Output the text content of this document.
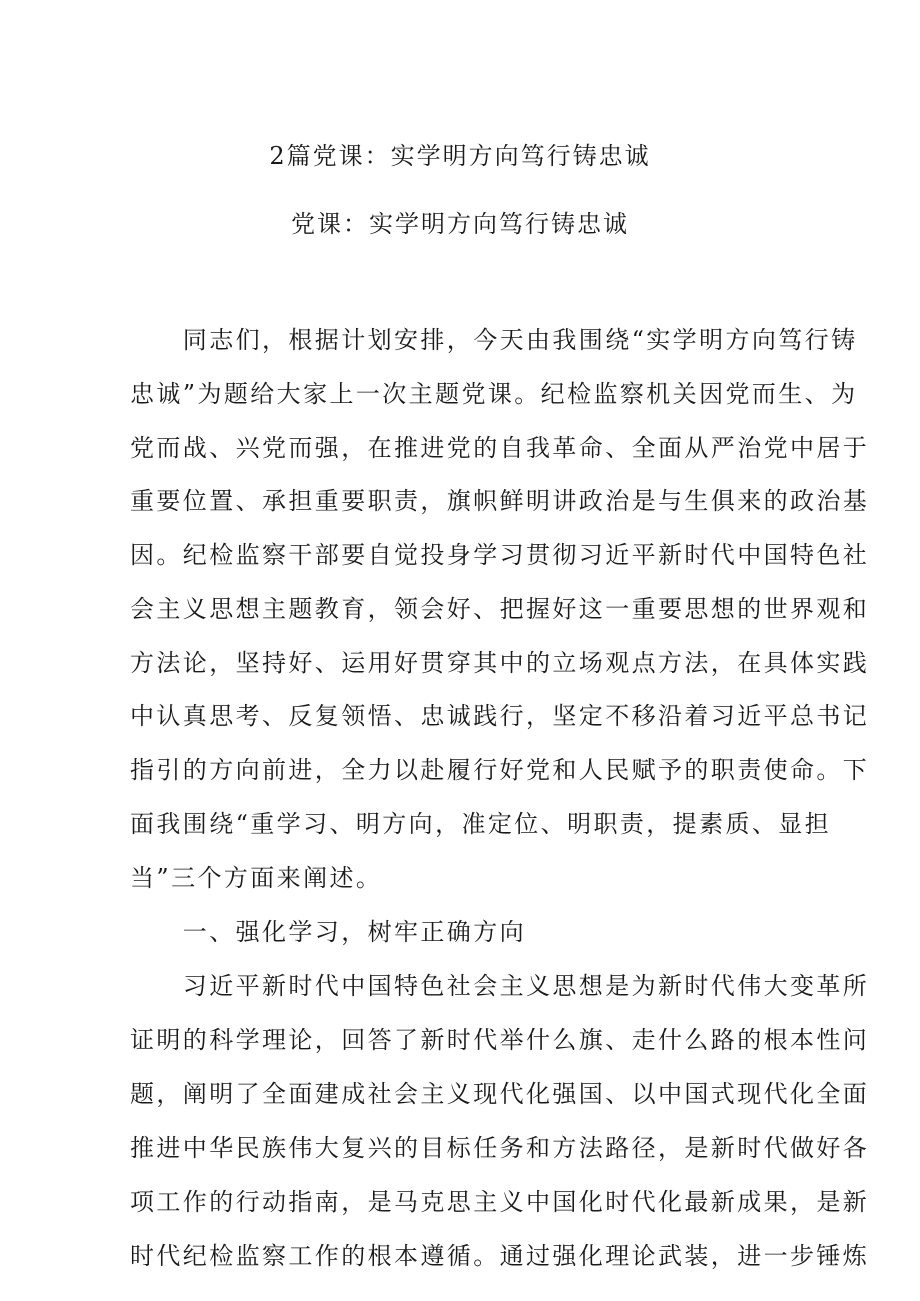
2篇党课：实学明方向笃行铸忠诚
党课：实学明方向笃行铸忠诚
　　同志们，根据计划安排，今天由我围绕“实学明方向笃行铸
忠诚”为题给大家上一次主题党课。纪检监察机关因党而生、为
党而战、兴党而强，在推进党的自我革命、全面从严治党中居于
重要位置、承担重要职责，旗帜鲜明讲政治是与生俱来的政治基
因。纪检监察干部要自觉投身学习贯彻习近平新时代中国特色社
会主义思想主题教育，领会好、把握好这一重要思想的世界观和
方法论，坚持好、运用好贯穿其中的立场观点方法，在具体实践
中认真思考、反复领悟、忠诚践行，坚定不移沿着习近平总书记
指引的方向前进，全力以赴履行好党和人民赋予的职责使命。下
面我围绕“重学习、明方向，准定位、明职责，提素质、显担
当”三个方面来阐述。
　　一、强化学习，树牢正确方向
　　习近平新时代中国特色社会主义思想是为新时代伟大变革所
证明的科学理论，回答了新时代举什么旗、走什么路的根本性问
题，阐明了全面建成社会主义现代化强国、以中国式现代化全面
推进中华民族伟大复兴的目标任务和方法路径，是新时代做好各
项工作的行动指南，是马克思主义中国化时代化最新成果，是新
时代纪检监察工作的根本遵循。通过强化理论武装，进一步锤炼
